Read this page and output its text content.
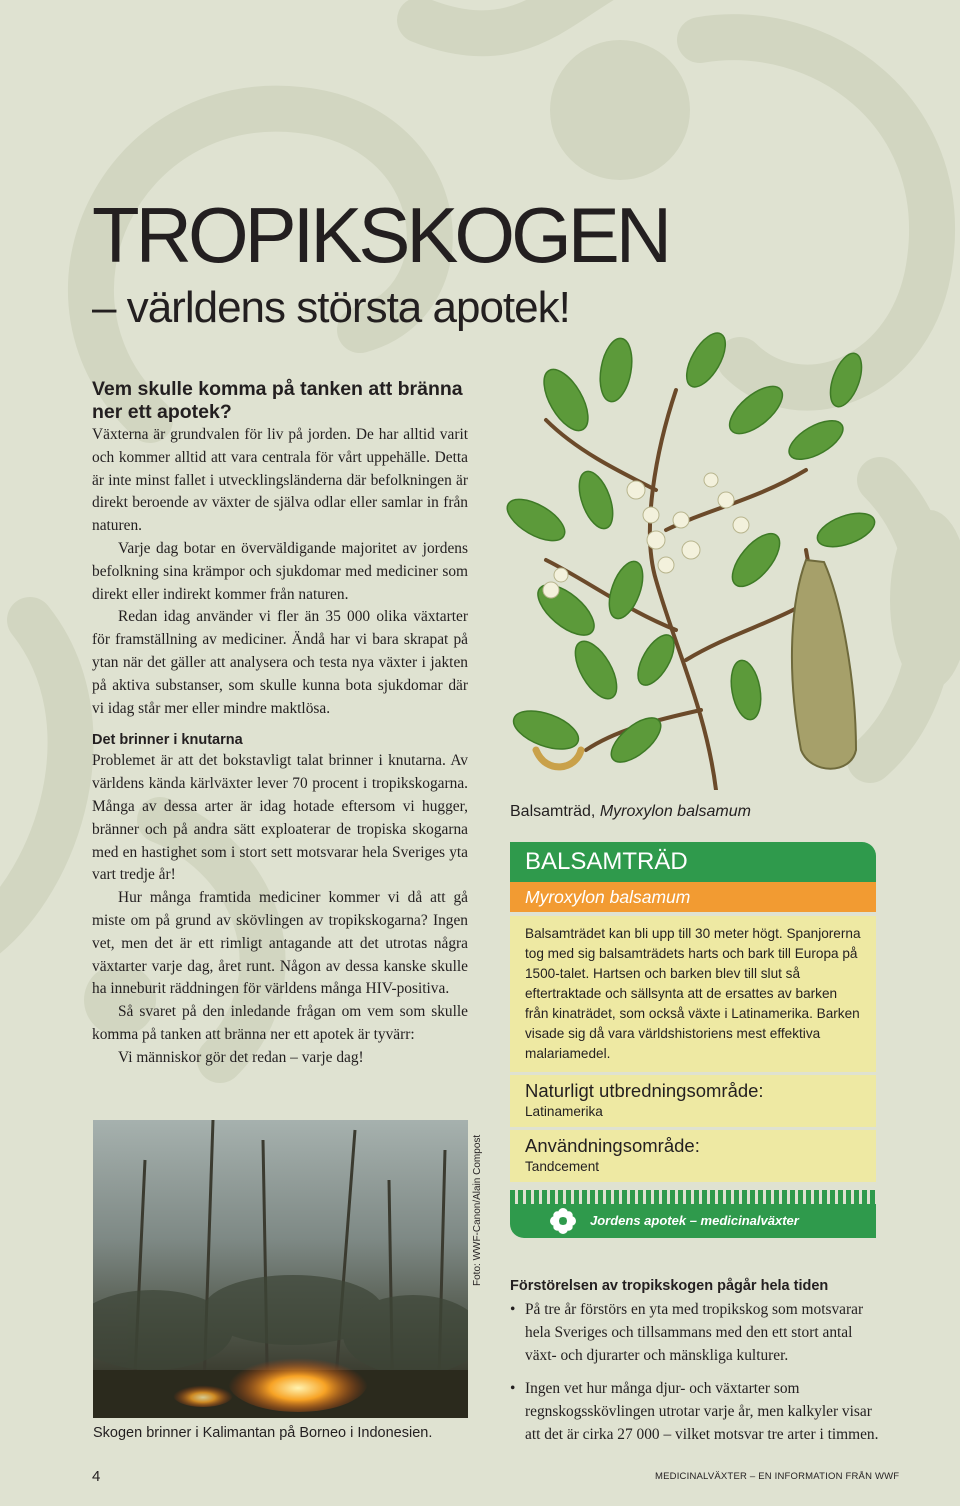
TROPIKSKOGEN
– världens största apotek!
Vem skulle komma på tanken att bränna ner ett apotek?

Växterna är grundvalen för liv på jorden. De har alltid varit och kommer alltid att vara centrala för vårt uppehälle. Detta är inte minst fallet i utvecklingsländerna där befolkningen är direkt beroende av växter de själva odlar eller samlar in från naturen.

Varje dag botar en överväldigande majoritet av jordens befolkning sina krämpor och sjukdomar med mediciner som direkt eller indirekt kommer från naturen.

Redan idag använder vi fler än 35 000 olika växtarter för framställning av mediciner. Ändå har vi bara skrapat på ytan när det gäller att analysera och testa nya växter i jakten på aktiva substanser, som skulle kunna bota sjukdomar där vi idag står mer eller mindre maktlösa.

Det brinner i knutarna

Problemet är att det bokstavligt talat brinner i knutarna. Av världens kända kärlväxter lever 70 procent i tropikskogarna. Många av dessa arter är idag hotade eftersom vi hugger, bränner och på andra sätt exploaterar de tropiska skogarna med en hastighet som i stort sett motsvarar hela Sveriges yta vart tredje år!

Hur många framtida mediciner kommer vi då att gå miste om på grund av skövlingen av tropikskogarna? Ingen vet, men det är ett rimligt antagande att det utrotas några växtarter varje dag, året runt. Någon av dessa kanske skulle ha inneburit räddningen för världens många HIV-positiva.

Så svaret på den inledande frågan om vem som skulle komma på tanken att bränna ner ett apotek är tyvärr:

Vi människor gör det redan – varje dag!

Skogen brinner i Kalimantan på Borneo i Indonesien.
Foto: WWF-Canon/Alain Compost
Balsamträd, Myroxylon balsamum
BALSAMTRÄD
Myroxylon balsamum
Balsamträdet kan bli upp till 30 meter högt. Spanjorerna tog med sig balsamträdets harts och bark till Europa på 1500-talet. Hartsen och barken blev till slut så eftertraktade och sällsynta att de ersattes av barken från kinaträdet, som också växte i Latinamerika. Barken visade sig då vara världshistoriens mest effektiva malariamedel.
Naturligt utbredningsområde:
Latinamerika
Användningsområde:
Tandcement
Jordens apotek – medicinalväxter
Förstörelsen av tropikskogen pågår hela tiden
• På tre år förstörs en yta med tropikskog som motsvarar hela Sveriges och tillsammans med den ett stort antal växt- och djurarter och mänskliga kulturer.
• Ingen vet hur många djur- och växtarter som regnskogsskövlingen utrotar varje år, men kalkyler visar att det är cirka 27 000 – vilket motsvar tre arter i timmen.
4	MEDICINALVÄXTER – EN INFORMATION FRÅN WWF
